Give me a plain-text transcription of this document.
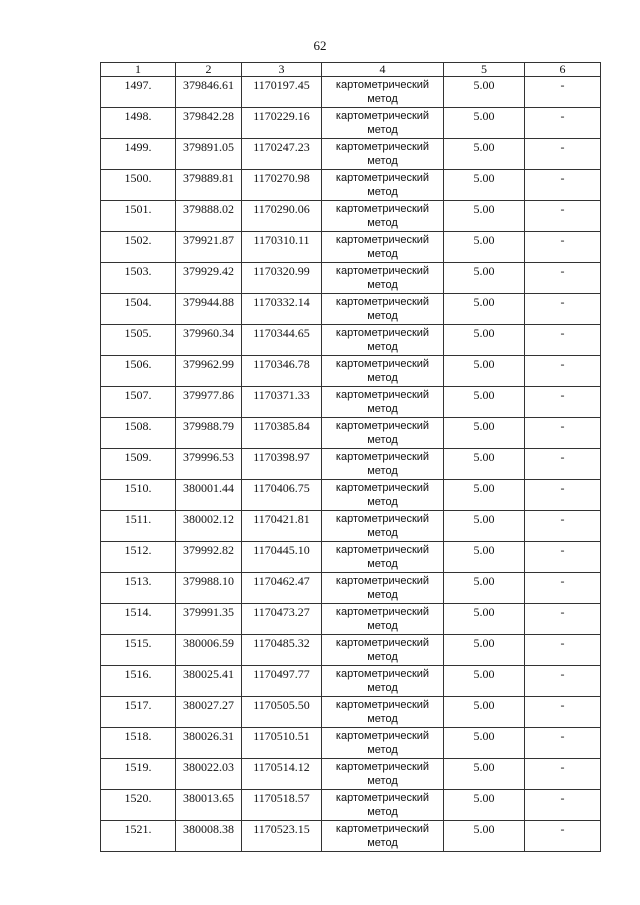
62
1	2	3	4	5	6
1497.	379846.61	1170197.45	картометрический метод	5.00	-
1498.	379842.28	1170229.16	картометрический метод	5.00	-
1499.	379891.05	1170247.23	картометрический метод	5.00	-
1500.	379889.81	1170270.98	картометрический метод	5.00	-
1501.	379888.02	1170290.06	картометрический метод	5.00	-
1502.	379921.87	1170310.11	картометрический метод	5.00	-
1503.	379929.42	1170320.99	картометрический метод	5.00	-
1504.	379944.88	1170332.14	картометрический метод	5.00	-
1505.	379960.34	1170344.65	картометрический метод	5.00	-
1506.	379962.99	1170346.78	картометрический метод	5.00	-
1507.	379977.86	1170371.33	картометрический метод	5.00	-
1508.	379988.79	1170385.84	картометрический метод	5.00	-
1509.	379996.53	1170398.97	картометрический метод	5.00	-
1510.	380001.44	1170406.75	картометрический метод	5.00	-
1511.	380002.12	1170421.81	картометрический метод	5.00	-
1512.	379992.82	1170445.10	картометрический метод	5.00	-
1513.	379988.10	1170462.47	картометрический метод	5.00	-
1514.	379991.35	1170473.27	картометрический метод	5.00	-
1515.	380006.59	1170485.32	картометрический метод	5.00	-
1516.	380025.41	1170497.77	картометрический метод	5.00	-
1517.	380027.27	1170505.50	картометрический метод	5.00	-
1518.	380026.31	1170510.51	картометрический метод	5.00	-
1519.	380022.03	1170514.12	картометрический метод	5.00	-
1520.	380013.65	1170518.57	картометрический метод	5.00	-
1521.	380008.38	1170523.15	картометрический метод	5.00	-
